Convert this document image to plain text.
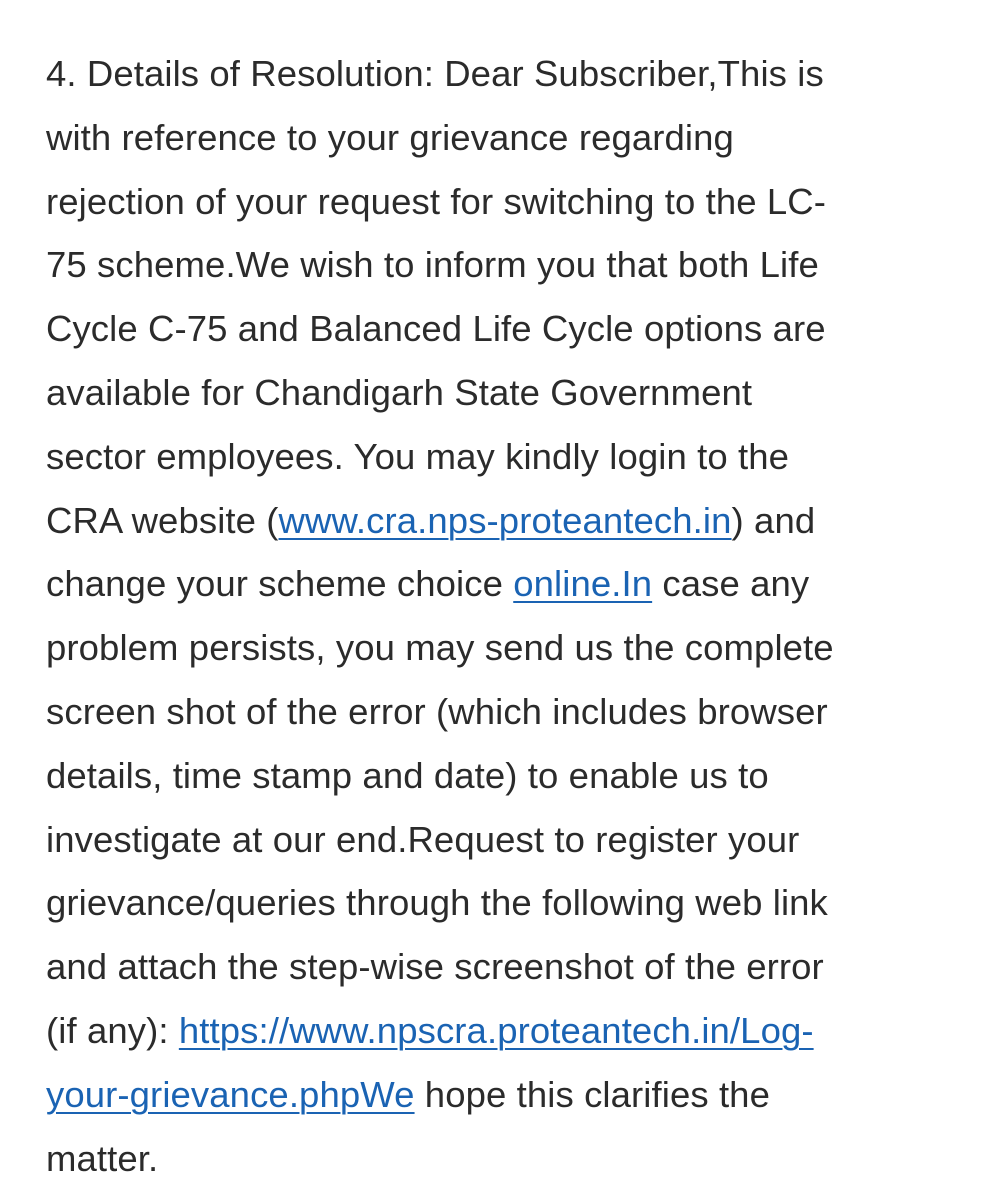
4. Details of Resolution: Dear Subscriber,This is
with reference to your grievance regarding
rejection of your request for switching to the LC-
75 scheme.We wish to inform you that both Life
Cycle C-75 and Balanced Life Cycle options are
available for Chandigarh State Government
sector employees. You may kindly login to the
CRA website (www.cra.nps-proteantech.in) and
change your scheme choice online.In case any
problem persists, you may send us the complete
screen shot of the error (which includes browser
details, time stamp and date) to enable us to
investigate at our end.Request to register your
grievance/queries through the following web link
and attach the step-wise screenshot of the error
(if any): https://www.npscra.proteantech.in/Log-
your-grievance.phpWe hope this clarifies the
matter.
